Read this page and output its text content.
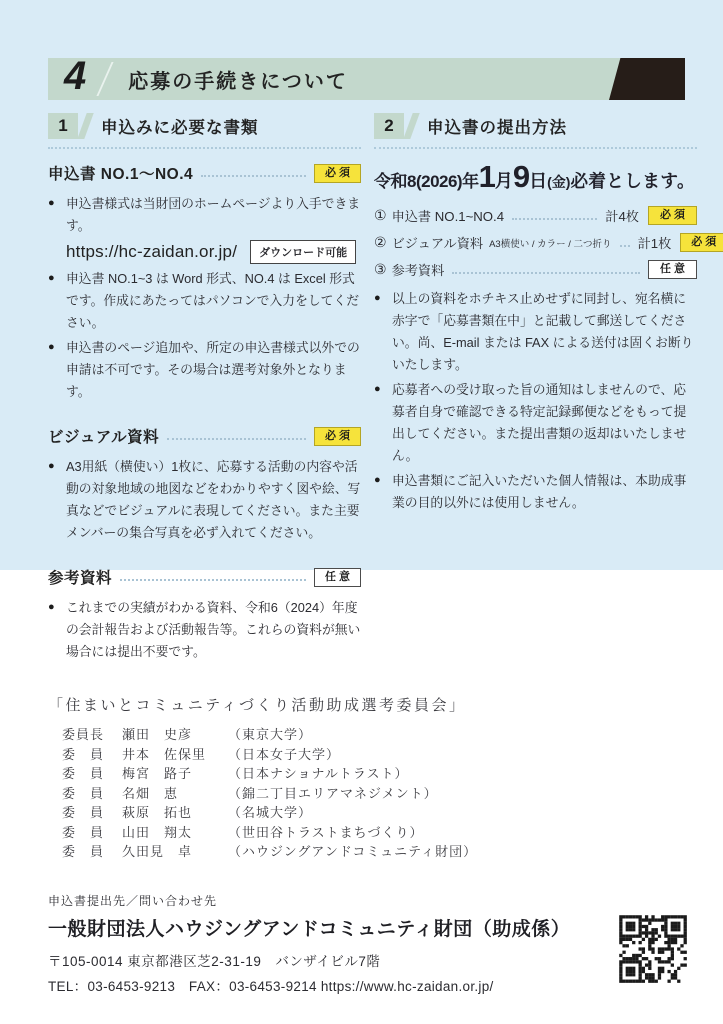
4 応募の手続きについて
1	申込みに必要な書類
申込書 NO.1〜NO.4	必須
● 申込書様式は当財団のホームページより入手できます。
https://hc-zaidan.or.jp/	ダウンロード可能
● 申込書 NO.1~3 は Word 形式、NO.4 は Excel 形式です。作成にあたってはパソコンで入力をしてください。
● 申込書のページ追加や、所定の申込書様式以外での申請は不可です。その場合は選考対象外となります。
ビジュアル資料	必須
● A3用紙（横使い）1枚に、応募する活動の内容や活動の対象地域の地図などをわかりやすく図や絵、写真などでビジュアルに表現してください。また主要メンバーの集合写真を必ず入れてください。
参考資料	任意
● これまでの実績がわかる資料、令和6（2024）年度の会計報告および活動報告等。これらの資料が無い場合には提出不要です。
2	申込書の提出方法
令和8(2026)年 1 月 9 日 (金) 必着とします。
① 申込書 NO.1~NO.4	計4枚	必須
② ビジュアル資料 A3横使い / カラー / 二つ折り 計1枚	必須
③ 参考資料	任意
● 以上の資料をホチキス止めせずに同封し、宛名横に赤字で「応募書類在中」と記載して郵送してください。尚、E-mail または FAX による送付は固くお断りいたします。
● 応募者への受け取った旨の通知はしませんので、応募者自身で確認できる特定記録郵便などをもって提出してください。また提出書類の返却はいたしません。
● 申込書類にご記入いただいた個人情報は、本助成事業の目的以外には使用しません。
「住まいとコミュニティづくり活動助成選考委員会」
委員長	瀬田　史彦	（東京大学）
委　員	井本　佐保里	（日本女子大学）
委　員	梅宮　路子	（日本ナショナルトラスト）
委　員	名畑　恵	（錦二丁目エリアマネジメント）
委　員	萩原　拓也	（名城大学）
委　員	山田　翔太	（世田谷トラストまちづくり）
委　員	久田見　卓	（ハウジングアンドコミュニティ財団）
申込書提出先／問い合わせ先
一般財団法人ハウジングアンドコミュニティ財団（助成係）
〒105-0014 東京都港区芝2-31-19　バンザイビル7階
TEL：03-6453-9213　FAX：03-6453-9214 https://www.hc-zaidan.or.jp/
